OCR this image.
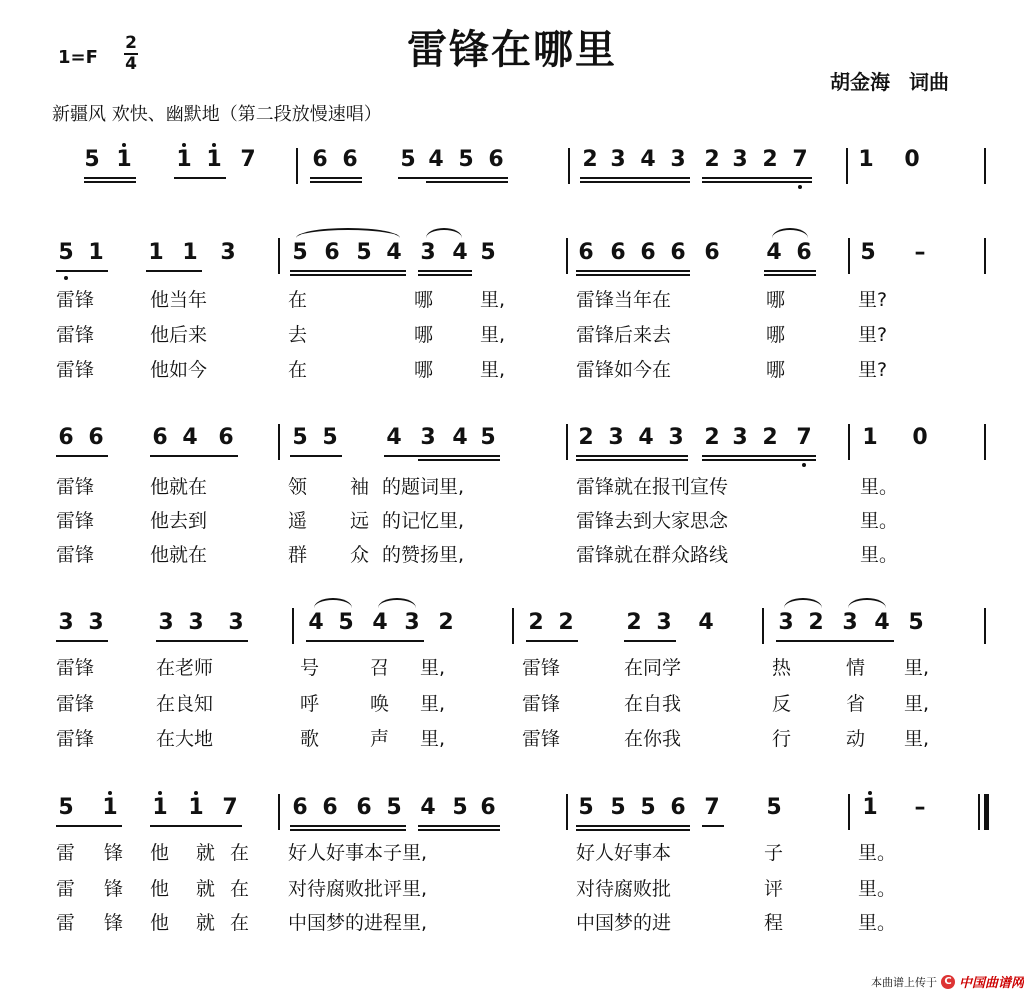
雷锋在哪里
1=F
2
4
胡金海 词曲
新疆风 欢快、幽默地（第二段放慢速唱）
5 1 1 1 7	6 6 5 4 5 6	2 3 4 3 2 3 2 7 1 0
5 1 1 1 3	5 6 5 4 3 4 5	6 6 6 6 6 4 6 5 –
雷锋	他当年	在	哪 里,	雷锋当年在	哪	里?
雷锋	他后来	去	哪 里,	雷锋后来去	哪	里?
雷锋	他如今	在	哪 里,	雷锋如今在	哪	里?
6 6 6 4 6	5 5 4 3 4 5	2 3 4 3 2 3 2 7 1 0
雷锋	他就在	领 袖 的题词里,	雷锋就在报刊宣传	里。
雷锋	他去到	遥 远 的记忆里,	雷锋去到大家思念	里。
雷锋	他就在	群 众 的赞扬里,	雷锋就在群众路线	里。
3 3 3 3 3	4 5 4 3 2	2 2 2 3 4	3 2 3 4 5
雷锋	在老师	号	召 里,	雷锋	在同学	热	情 里,
雷锋	在良知	呼	唤 里,	雷锋	在自我	反	省 里,
雷锋	在大地	歌	声 里,	雷锋	在你我	行	动 里,
5 1 1 1 7 6 6 6 5 4 5 6	5 5 5 6 7 5	1 –
雷 锋 他 就 在 好人好事本子里,	好人好事本	子	里。
雷 锋 他 就 在 对待腐败批评里,	对待腐败批	评	里。
雷 锋 他 就 在 中国梦的进程里,	中国梦的进	程	里。
本曲谱上传于 C 中国曲谱网
